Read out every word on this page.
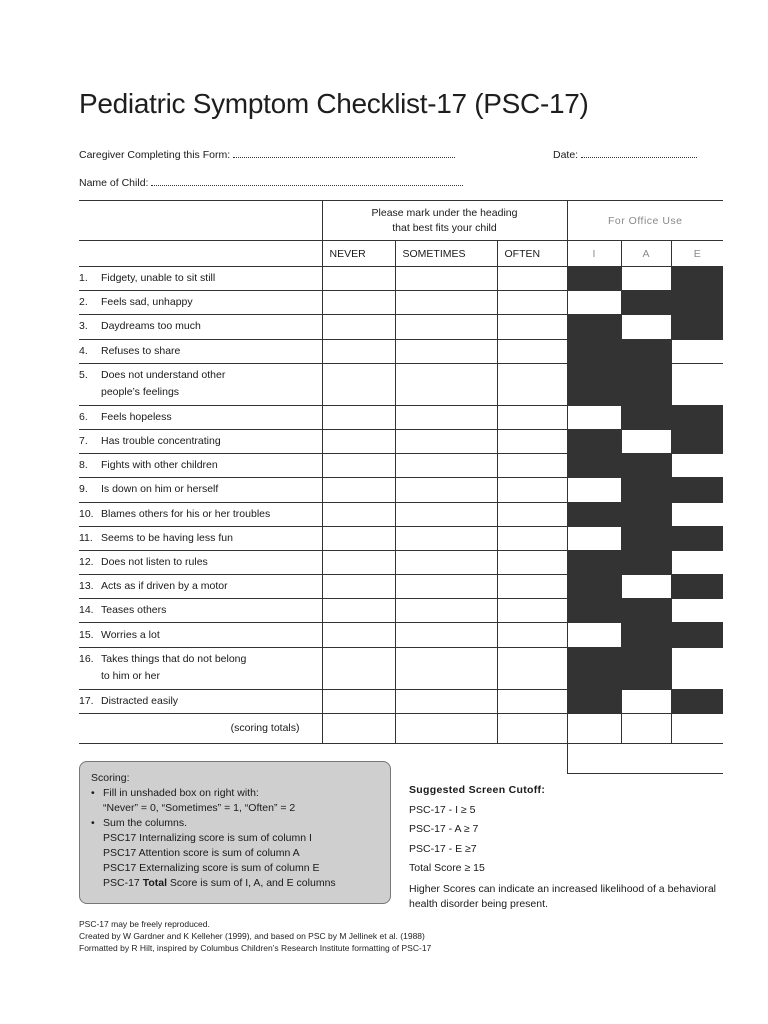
Pediatric Symptom Checklist-17 (PSC-17)
Caregiver Completing this Form:	Date:
Name of Child:

	Please mark under the heading
that best fits your child			For Office Use		
	NEVER	SOMETIMES	OFTEN	I	A	E
1. Fidgety, unable to sit still						

2. Feels sad, unhappy						

3. Daydreams too much						

4. Refuses to share						

5. Does not understand other
people’s feelings						

6. Feels hopeless						

7. Has trouble concentrating						

8. Fights with other children						

9. Is down on him or herself						

10. Blames others for his or her troubles						

11. Seems to be having less fun						

12. Does not listen to rules						

13. Acts as if driven by a motor						

14. Teases others						

15. Worries a lot						

16. Takes things that do not belong
to him or her						

17. Distracted easily						

(scoring totals)						

Scoring:
• Fill in unshaded box on right with:
“Never” = 0, “Sometimes” = 1, “Often” = 2
• Sum the columns.
PSC17 Internalizing score is sum of column I
PSC17 Attention score is sum of column A
PSC17 Externalizing score is sum of column E
PSC-17 Total Score is sum of I, A, and E columns
Suggested Screen Cutoff:
PSC-17 - I ≥ 5
PSC-17 - A ≥ 7
PSC-17 - E ≥7
Total Score ≥ 15
Higher Scores can indicate an increased likelihood of a behavioral health disorder being present.
PSC-17 may be freely reproduced.
Created by W Gardner and K Kelleher (1999), and based on PSC by M Jellinek et al. (1988)
Formatted by R Hilt, inspired by Columbus Children’s Research Institute formatting of PSC-17
